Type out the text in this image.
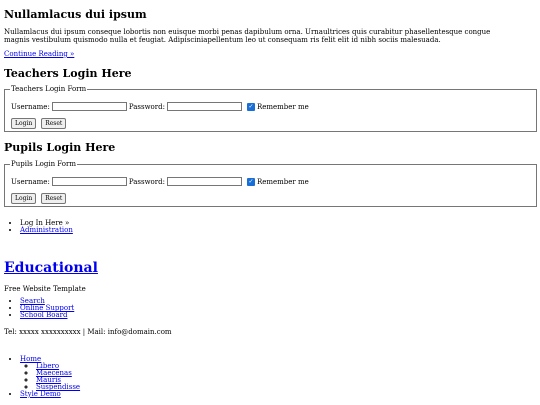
Nullamlacus dui ipsum

Nullamlacus dui ipsum conseque lobortis non euisque morbi penas dapibulum orna. Urnaultrices quis curabitur phasellentesque congue magnis vestibulum quismodo nulla et feugiat. Adipisciniapellentum leo ut consequam ris felit elit id nibh sociis malesuada.

Continue Reading »
Teachers Login Here
Teachers Login Form
Username:	Password:	✓ Remember me
Login	Reset
Pupils Login Here
Pupils Login Form
Username:	Password:	✓ Remember me
Login	Reset
• Log In Here »
• Administration
Educational

Free Website Template

• Search
• Online Support
• School Board

Tel: xxxxx xxxxxxxxxx | Mail: info@domain.com

• Home
◦ Libero
◦ Maecenas
◦ Mauris
◦ Suspendisse
• Style Demo
